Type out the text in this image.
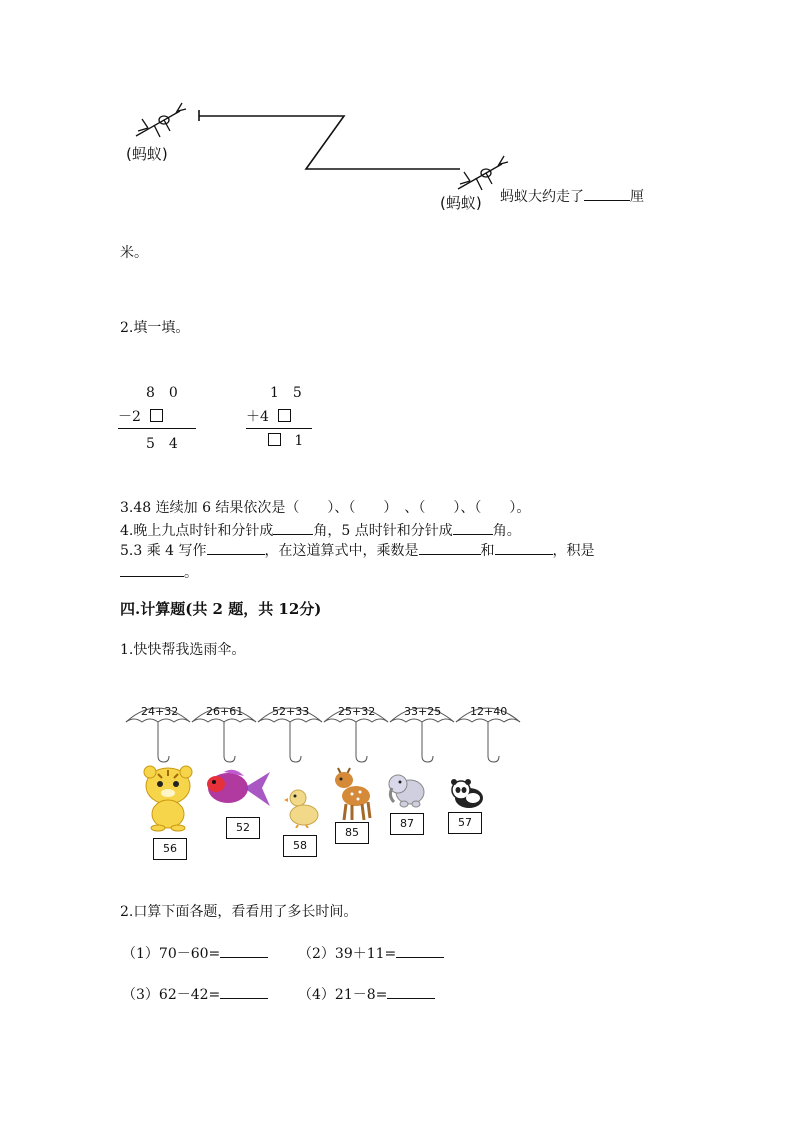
(蚂蚁)
(蚂蚁) 蚂蚁大约走了	厘
米。
2.填一填。
8　0
－2
5　4
1　5
＋4
1
3.48 连续加 6 结果依次是（　　）、（　　）　、（　　）、（　　）。
4.晚上九点时针和分针成	角，5 点时针和分针成	角。
5.3 乘 4 写作	，在这道算式中，乘数是	和	，积是
。
四.计算题(共 2 题，共 12分)
1.快快帮我选雨伞。
24+32	26+61	52+33	25+32	33+25	12+40
56
52
58
85
87	57
2.口算下面各题，看看用了多长时间。
（1）70－60=	（2）39＋11=
（3）62－42=	（4）21－8=
